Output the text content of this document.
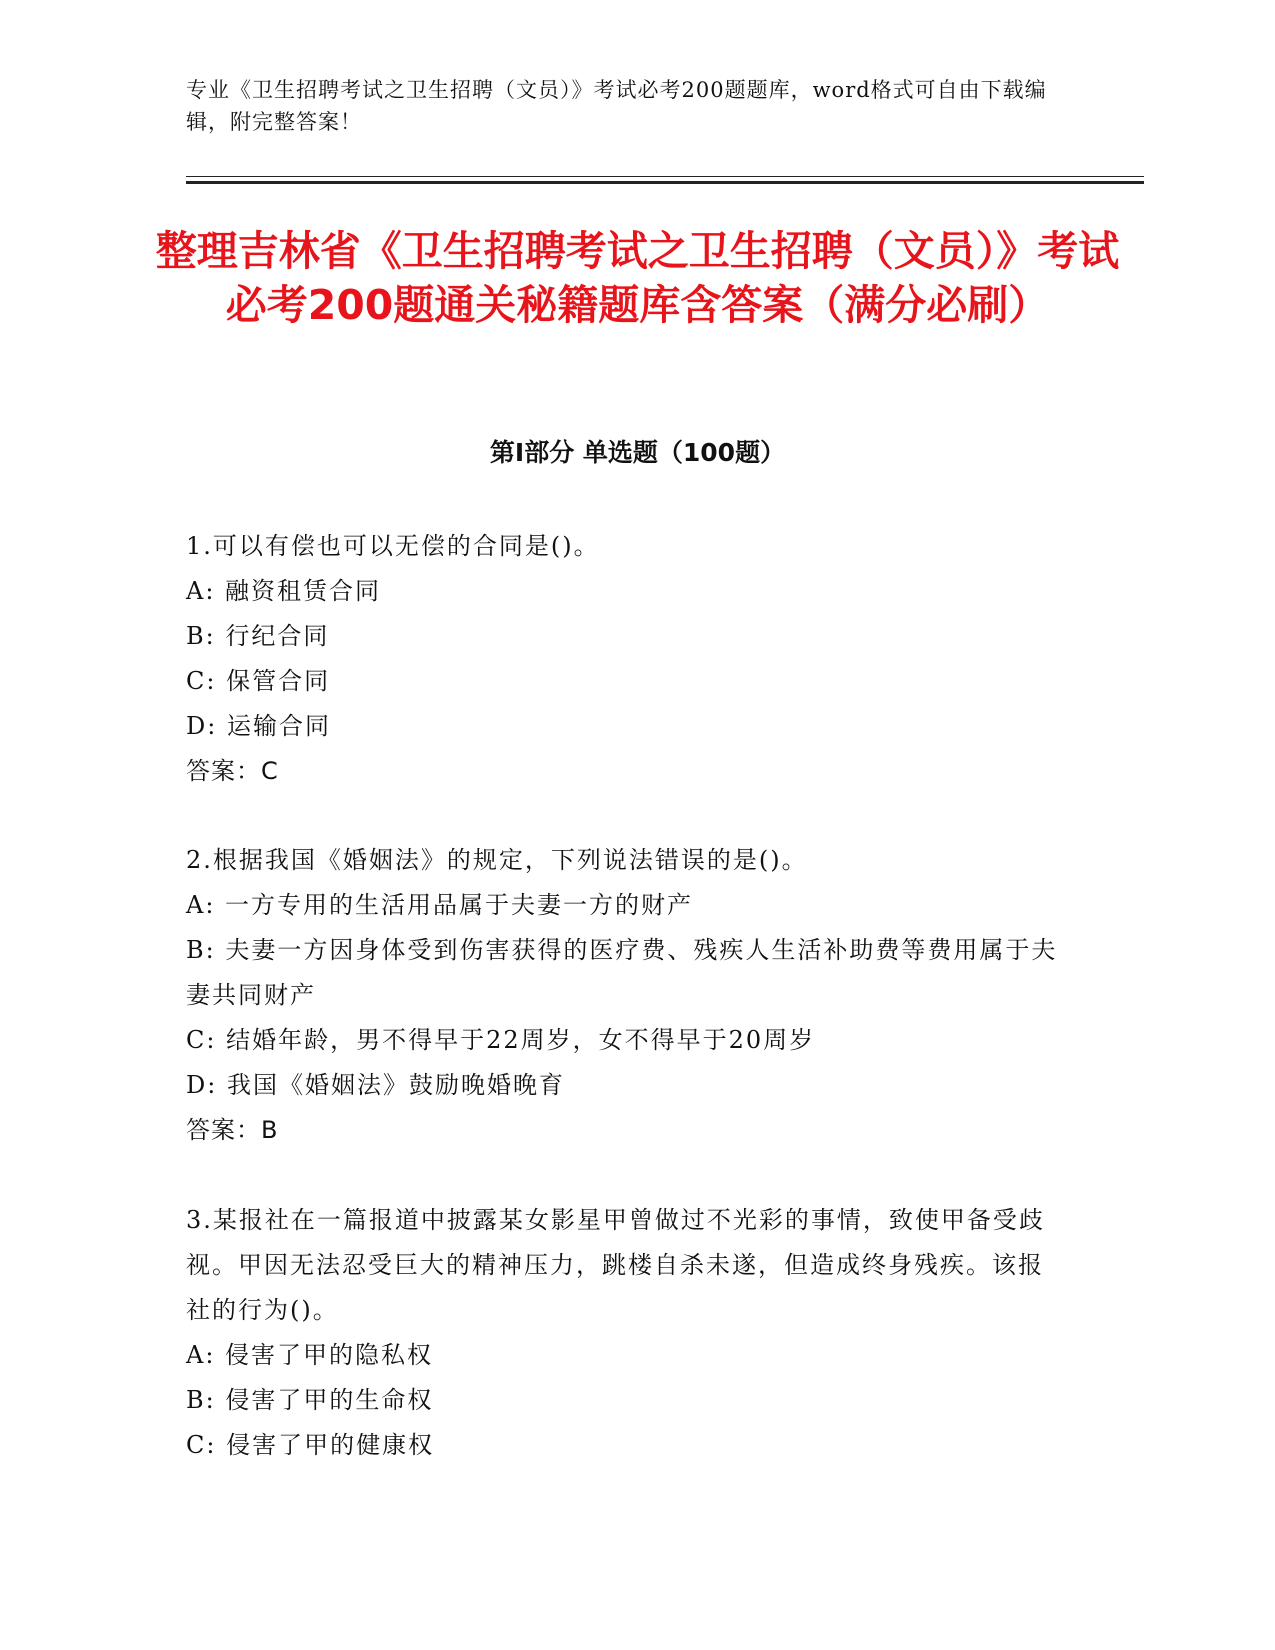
专业《卫生招聘考试之卫生招聘（文员）》考试必考200题题库，word格式可自由下载编辑，附完整答案！
整理吉林省《卫生招聘考试之卫生招聘（文员）》考试必考200题通关秘籍题库含答案（满分必刷）
第Ⅰ部分 单选题（100题）

1.可以有偿也可以无偿的合同是()。

A: 融资租赁合同
B: 行纪合同
C: 保管合同
D: 运输合同
答案：C

2.根据我国《婚姻法》的规定，下列说法错误的是()。

A: 一方专用的生活用品属于夫妻一方的财产
B: 夫妻一方因身体受到伤害获得的医疗费、残疾人生活补助费等费用属于夫妻共同财产
C: 结婚年龄，男不得早于22周岁，女不得早于20周岁
D: 我国《婚姻法》鼓励晚婚晚育
答案：B

3.某报社在一篇报道中披露某女影星甲曾做过不光彩的事情，致使甲备受歧视。甲因无法忍受巨大的精神压力，跳楼自杀未遂，但造成终身残疾。该报社的行为()。

A: 侵害了甲的隐私权
B: 侵害了甲的生命权
C: 侵害了甲的健康权
